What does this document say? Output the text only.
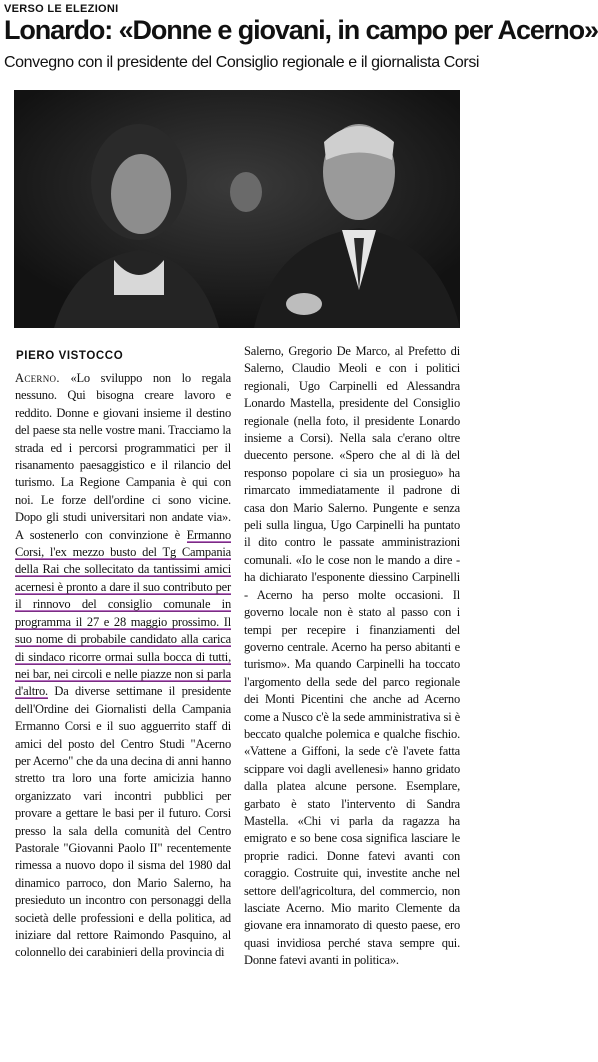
VERSO LE ELEZIONI
Lonardo: «Donne e giovani, in campo per Acerno»
Convegno con il presidente del Consiglio regionale e il giornalista Corsi
PIERO VISTOCCO

Acerno. «Lo sviluppo non lo regala nessuno. Qui bisogna creare lavoro e reddito. Donne e giovani insieme il destino del paese sta nelle vostre mani. Tracciamo la strada ed i percorsi programmatici per il risanamento paesaggistico e il rilancio del turismo. La Regione Campania è qui con noi. Le forze dell'ordine ci sono vicine. Dopo gli studi universitari non andate via». A sostenerlo con convinzione è Ermanno Corsi, l'ex mezzo busto del Tg Campania della Rai che sollecitato da tantissimi amici acernesi è pronto a dare il suo contributo per il rinnovo del consiglio comunale in programma il 27 e 28 maggio prossimo. Il suo nome di probabile candidato alla carica di sindaco ricorre ormai sulla bocca di tutti, nei bar, nei circoli e nelle piazze non si parla d'altro. Da diverse settimane il presidente dell'Ordine dei Giornalisti della Campania Ermanno Corsi e il suo agguerrito staff di amici del posto del Centro Studi "Acerno per Acerno" che da una decina di anni hanno stretto tra loro una forte amicizia hanno organizzato vari incontri pubblici per provare a gettare le basi per il futuro. Corsi presso la sala della comunità del Centro Pastorale "Giovanni Paolo II" recentemente rimessa a nuovo dopo il sisma del 1980 dal dinamico parroco, don Mario Salerno, ha presieduto un incontro con personaggi della società delle professioni e della politica, ad iniziare dal rettore Raimondo Pasquino, al colonnello dei carabinieri della provincia di

Salerno, Gregorio De Marco, al Prefetto di Salerno, Claudio Meoli e con i politici regionali, Ugo Carpinelli ed Alessandra Lonardo Mastella, presidente del Consiglio regionale (nella foto, il presidente Lonardo insieme a Corsi). Nella sala c'erano oltre duecento persone. «Spero che al di là del responso popolare ci sia un prosieguo» ha rimarcato immediatamente il padrone di casa don Mario Salerno. Pungente e senza peli sulla lingua, Ugo Carpinelli ha puntato il dito contro le passate amministrazioni comunali. «Io le cose non le mando a dire -ha dichiarato l'esponente diessino Carpinelli - Acerno ha perso molte occasioni. Il governo locale non è stato al passo con i tempi per recepire i finanziamenti del governo centrale. Acerno ha perso abitanti e turismo». Ma quando Carpinelli ha toccato l'argomento della sede del parco regionale dei Monti Picentini che anche ad Acerno come a Nusco c'è la sede amministrativa si è beccato qualche polemica e qualche fischio. «Vattene a Giffoni, la sede c'è l'avete fatta scippare voi dagli avellenesi» hanno gridato dalla platea alcune persone. Esemplare, garbato è stato l'intervento di Sandra Mastella. «Chi vi parla da ragazza ha emigrato e so bene cosa significa lasciare le proprie radici. Donne fatevi avanti con coraggio. Costruite qui, investite anche nel settore dell'agricoltura, del commercio, non lasciate Acerno. Mio marito Clemente da giovane era innamorato di questo paese, ero quasi invidiosa perché stava sempre qui. Donne fatevi avanti in politica».
